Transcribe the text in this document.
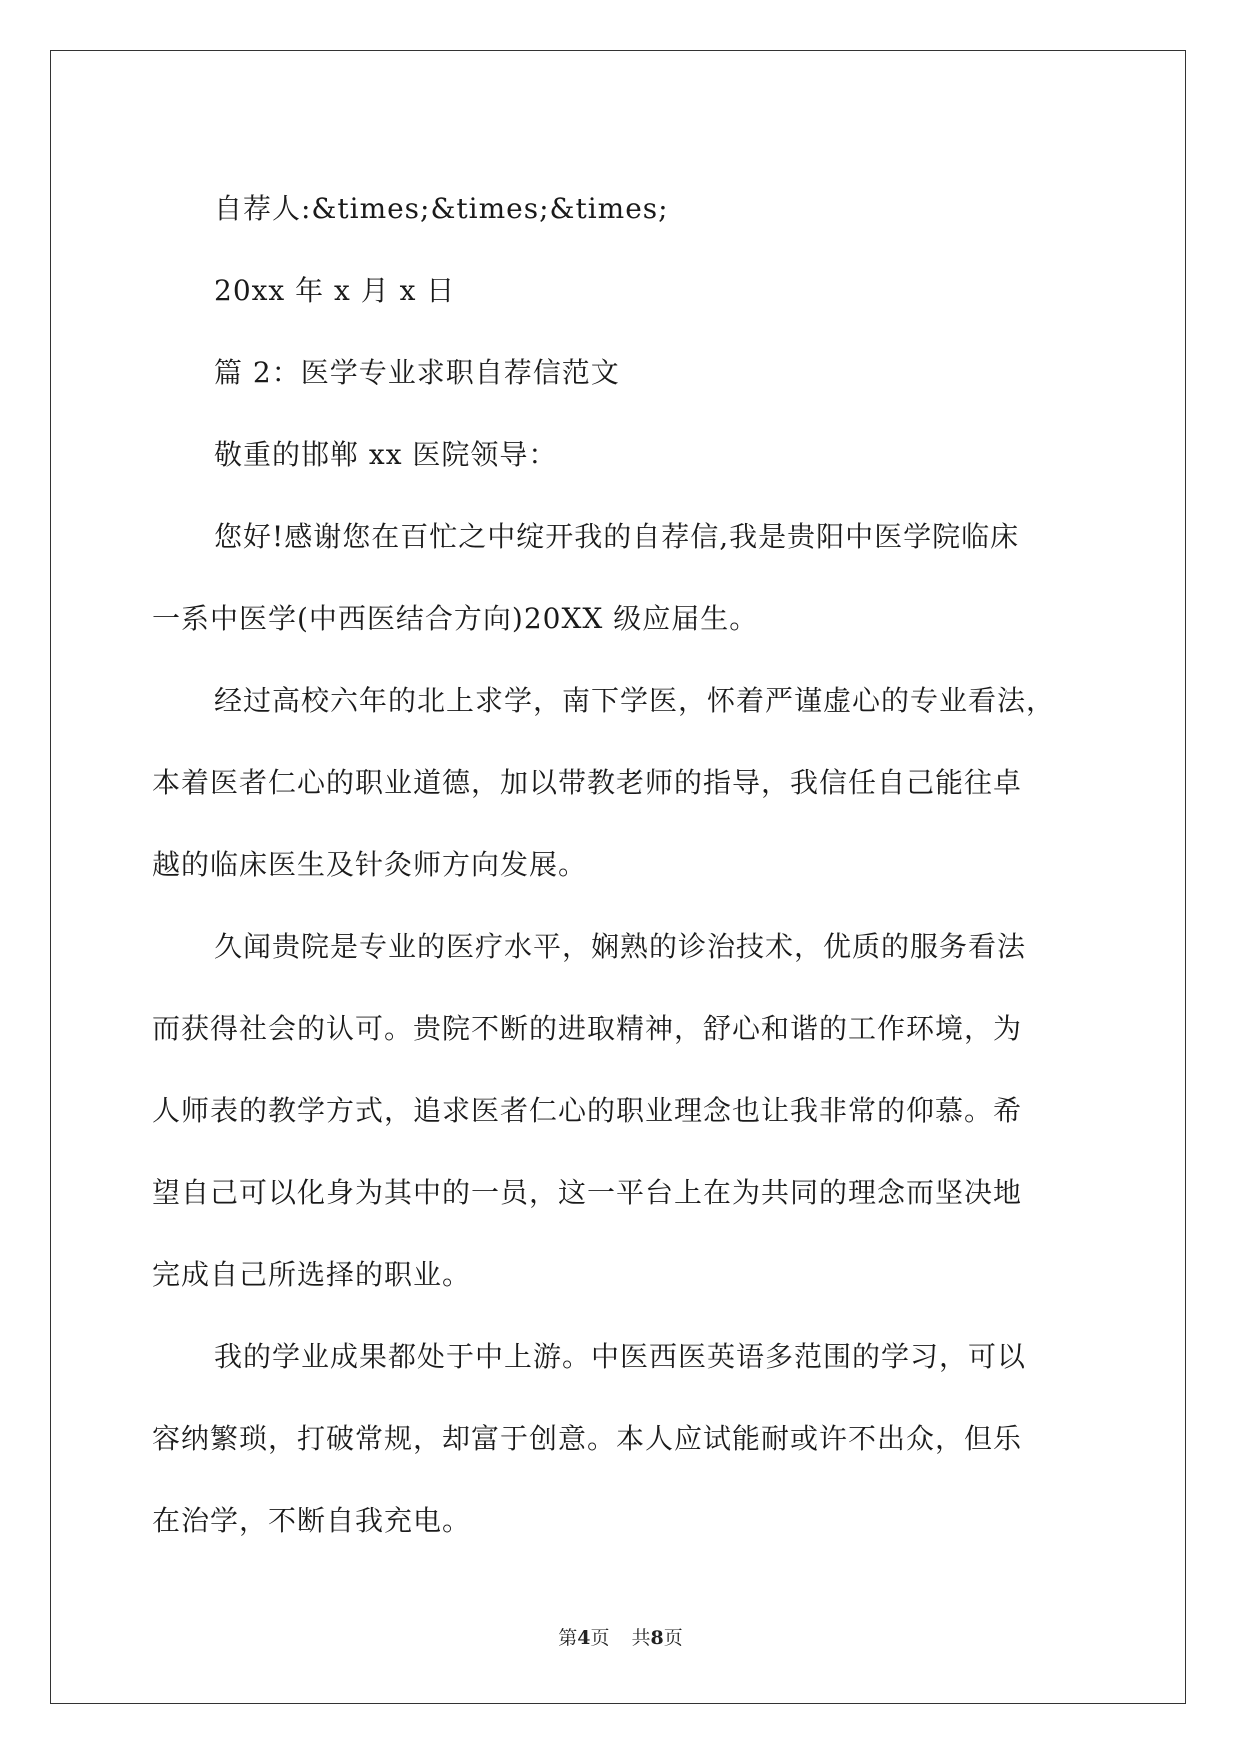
自荐人:&times;&times;&times;
20xx 年 x 月 x 日
篇 2：医学专业求职自荐信范文
敬重的邯郸 xx 医院领导：
您好!感谢您在百忙之中绽开我的自荐信,我是贵阳中医学院临床
一系中医学(中西医结合方向)20XX 级应届生。
经过高校六年的北上求学，南下学医，怀着严谨虚心的专业看法，
本着医者仁心的职业道德，加以带教老师的指导，我信任自己能往卓
越的临床医生及针灸师方向发展。
久闻贵院是专业的医疗水平，娴熟的诊治技术，优质的服务看法
而获得社会的认可。贵院不断的进取精神，舒心和谐的工作环境，为
人师表的教学方式，追求医者仁心的职业理念也让我非常的仰慕。希
望自己可以化身为其中的一员，这一平台上在为共同的理念而坚决地
完成自己所选择的职业。
我的学业成果都处于中上游。中医西医英语多范围的学习，可以
容纳繁琐，打破常规，却富于创意。本人应试能耐或许不出众，但乐
在治学，不断自我充电。
第4页 共8页
